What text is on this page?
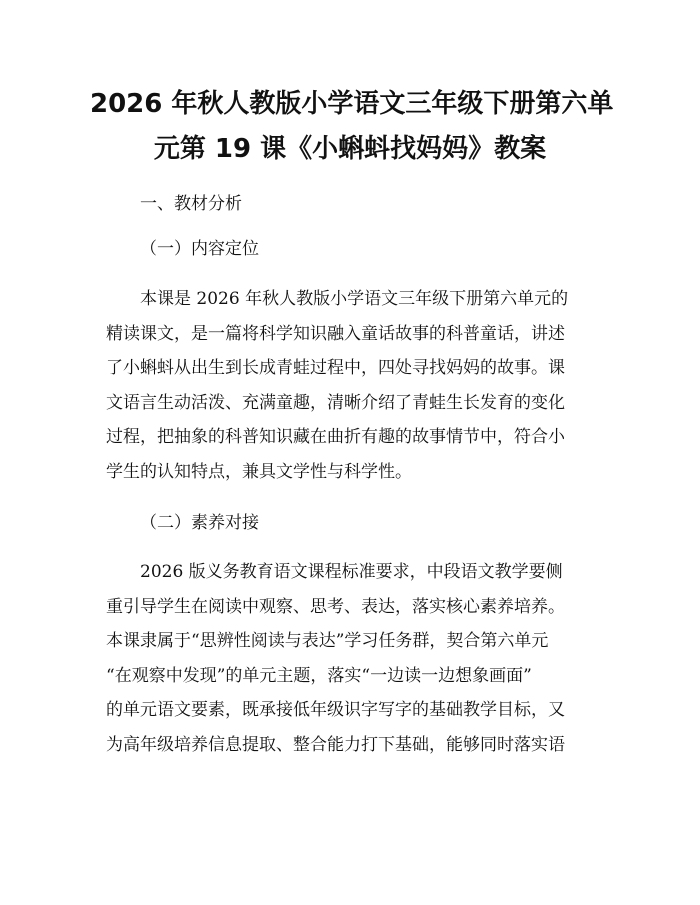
2026 年秋人教版小学语文三年级下册第六单
元第 19 课《小蝌蚪找妈妈》教案
一、教材分析
（一）内容定位
　　本课是 2026 年秋人教版小学语文三年级下册第六单元的
精读课文，是一篇将科学知识融入童话故事的科普童话，讲述
了小蝌蚪从出生到长成青蛙过程中，四处寻找妈妈的故事。课
文语言生动活泼、充满童趣，清晰介绍了青蛙生长发育的变化
过程，把抽象的科普知识藏在曲折有趣的故事情节中，符合小
学生的认知特点，兼具文学性与科学性。
（二）素养对接
　　2026 版义务教育语文课程标准要求，中段语文教学要侧
重引导学生在阅读中观察、思考、表达，落实核心素养培养。
本课隶属于“思辨性阅读与表达”学习任务群，契合第六单元
“在观察中发现”的单元主题，落实“一边读一边想象画面”
的单元语文要素，既承接低年级识字写字的基础教学目标，又
为高年级培养信息提取、整合能力打下基础，能够同时落实语
